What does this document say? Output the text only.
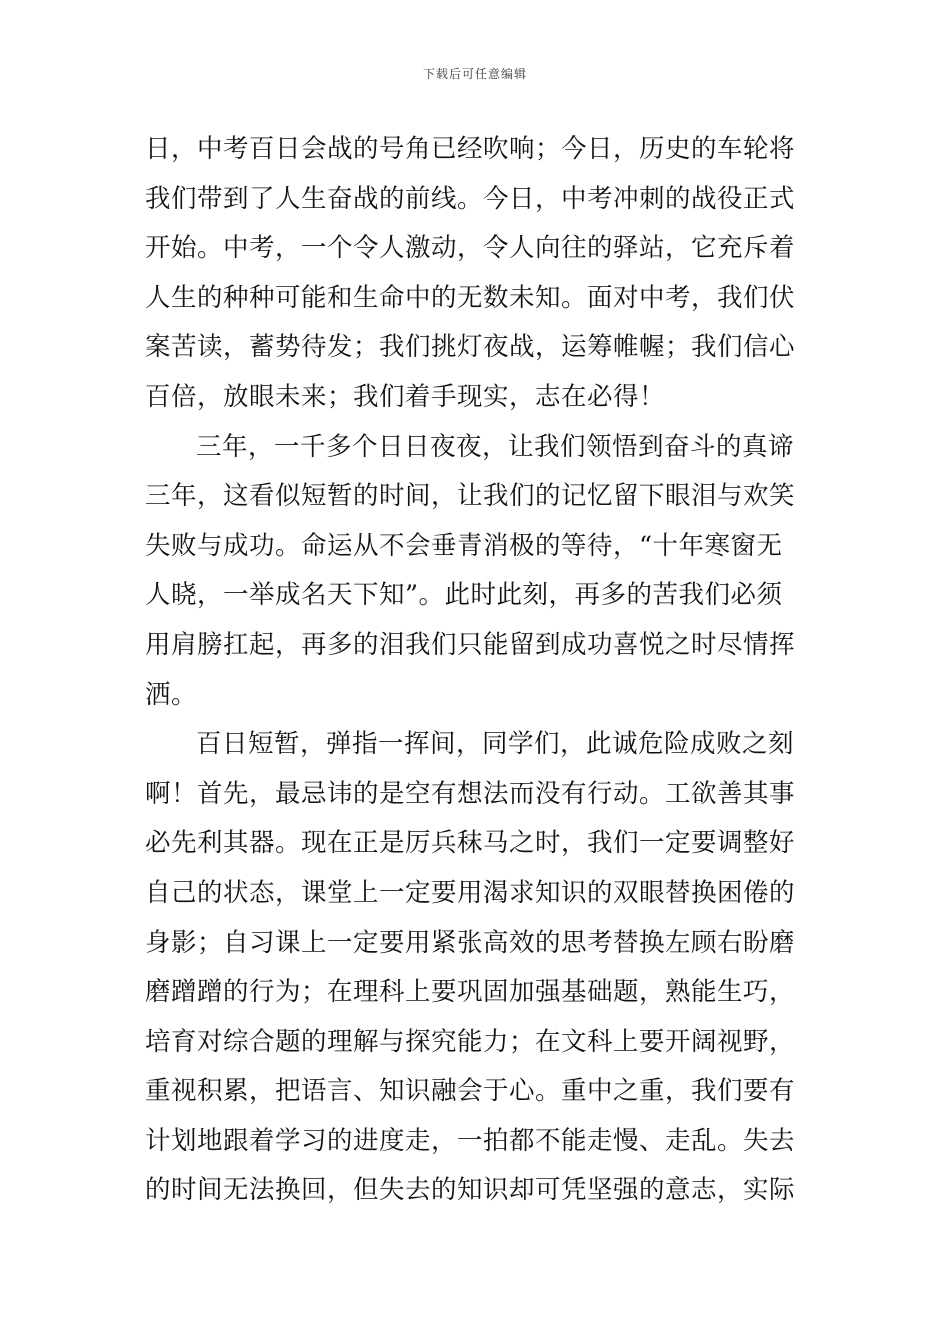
下载后可任意编辑
日，中考百日会战的号角已经吹响；今日，历史的车轮将
我们带到了人生奋战的前线。今日，中考冲刺的战役正式
开始。中考，一个令人激动，令人向往的驿站，它充斥着
人生的种种可能和生命中的无数未知。面对中考，我们伏
案苦读，蓄势待发；我们挑灯夜战，运筹帷幄；我们信心
百倍，放眼未来；我们着手现实，志在必得！
三年，一千多个日日夜夜，让我们领悟到奋斗的真谛
三年，这看似短暂的时间，让我们的记忆留下眼泪与欢笑
失败与成功。命运从不会垂青消极的等待，“十年寒窗无
人晓，一举成名天下知”。此时此刻，再多的苦我们必须
用肩膀扛起，再多的泪我们只能留到成功喜悦之时尽情挥
洒。
百日短暂，弹指一挥间，同学们，此诚危险成败之刻
啊！首先，最忌讳的是空有想法而没有行动。工欲善其事
必先利其器。现在正是厉兵秣马之时，我们一定要调整好
自己的状态，课堂上一定要用渴求知识的双眼替换困倦的
身影；自习课上一定要用紧张高效的思考替换左顾右盼磨
磨蹭蹭的行为；在理科上要巩固加强基础题，熟能生巧，
培育对综合题的理解与探究能力；在文科上要开阔视野，
重视积累，把语言、知识融会于心。重中之重，我们要有
计划地跟着学习的进度走，一拍都不能走慢、走乱。失去
的时间无法换回，但失去的知识却可凭坚强的意志，实际
